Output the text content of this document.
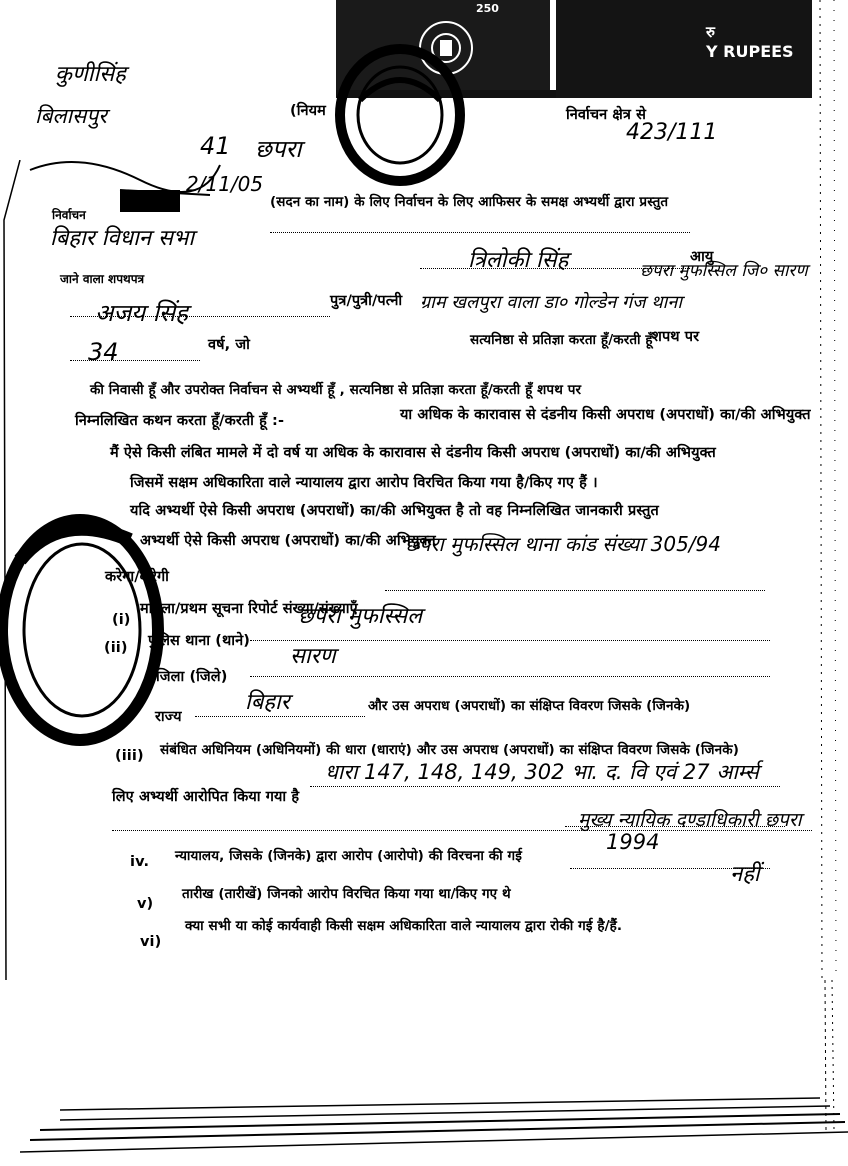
250
रु
Y RUPEES
कुणीसिंह
बिलासपुर
41 छपरा
2/11/05
423/111
(नियम	निर्वाचन क्षेत्र से
(सदन का नाम) के लिए निर्वाचन के लिए आफिसर के समक्ष अभ्यर्थी द्वारा प्रस्तुत
निर्वाचन
बिहार विधान सभा
जाने वाला शपथपत्र
त्रिलोकी सिंह	आयु
अजय सिंह	पुत्र/पुत्री/पत्नी
छपरा मुफस्सिल जि० सारण
ग्राम खलपुरा वाला डा० गोल्डेन गंज थाना
34	वर्ष, जो	सत्यनिष्ठा से प्रतिज्ञा करता हूँ/करती हूँ शपथ पर
की निवासी हूँ और उपरोक्त निर्वाचन से अभ्यर्थी हूँ , सत्यनिष्ठा से प्रतिज्ञा करता हूँ/करती हूँ शपथ पर
निम्नलिखित कथन करता हूँ/करती हूँ :-	या अधिक के कारावास से दंडनीय किसी अपराध (अपराधों) का/की अभियुक्त
मैं ऐसे किसी लंबित मामले में दो वर्ष या अधिक के कारावास से दंडनीय किसी अपराध (अपराधों) का/की अभियुक्त
जिसमें सक्षम अधिकारिता वाले न्यायालय द्वारा आरोप विरचित किया गया है/किए गए हैं ।
यदि अभ्यर्थी ऐसे किसी अपराध (अपराधों) का/की अभियुक्त है तो वह निम्नलिखित जानकारी प्रस्तुत
अभ्यर्थी ऐसे किसी अपराध (अपराधों) का/की अभियुक्त
करेगा/करेगी
मामला/प्रथम सूचना रिपोर्ट संख्या/संख्याएँ
छपरा मुफस्सिल थाना कांड संख्या 305/94
(i)
(ii) पुलिस थाना (थाने)
छपरा मुफस्सिल
जिला (जिले)
सारण
राज्य
बिहार	और उस अपराध (अपराधों) का संक्षिप्त विवरण जिसके (जिनके)
(iii) संबंधित अधिनियम (अधिनियमों) की धारा (धाराएं) और उस अपराध (अपराधों) का संक्षिप्त विवरण जिसके (जिनके)
लिए अभ्यर्थी आरोपित किया गया है
धारा 147, 148, 149, 302 भा. द. वि एवं 27 आर्म्स
मुख्य न्यायिक दण्डाधिकारी छपरा
iv. न्यायालय, जिसके (जिनके) द्वारा आरोप (आरोपो) की विरचना की गई
1994
v)
तारीख (तारीखें) जिनको आरोप विरचित किया गया था/किए गए थे
नहीं
vi)
क्या सभी या कोई कार्यवाही किसी सक्षम अधिकारिता वाले न्यायालय द्वारा रोकी गई है/हैं.
